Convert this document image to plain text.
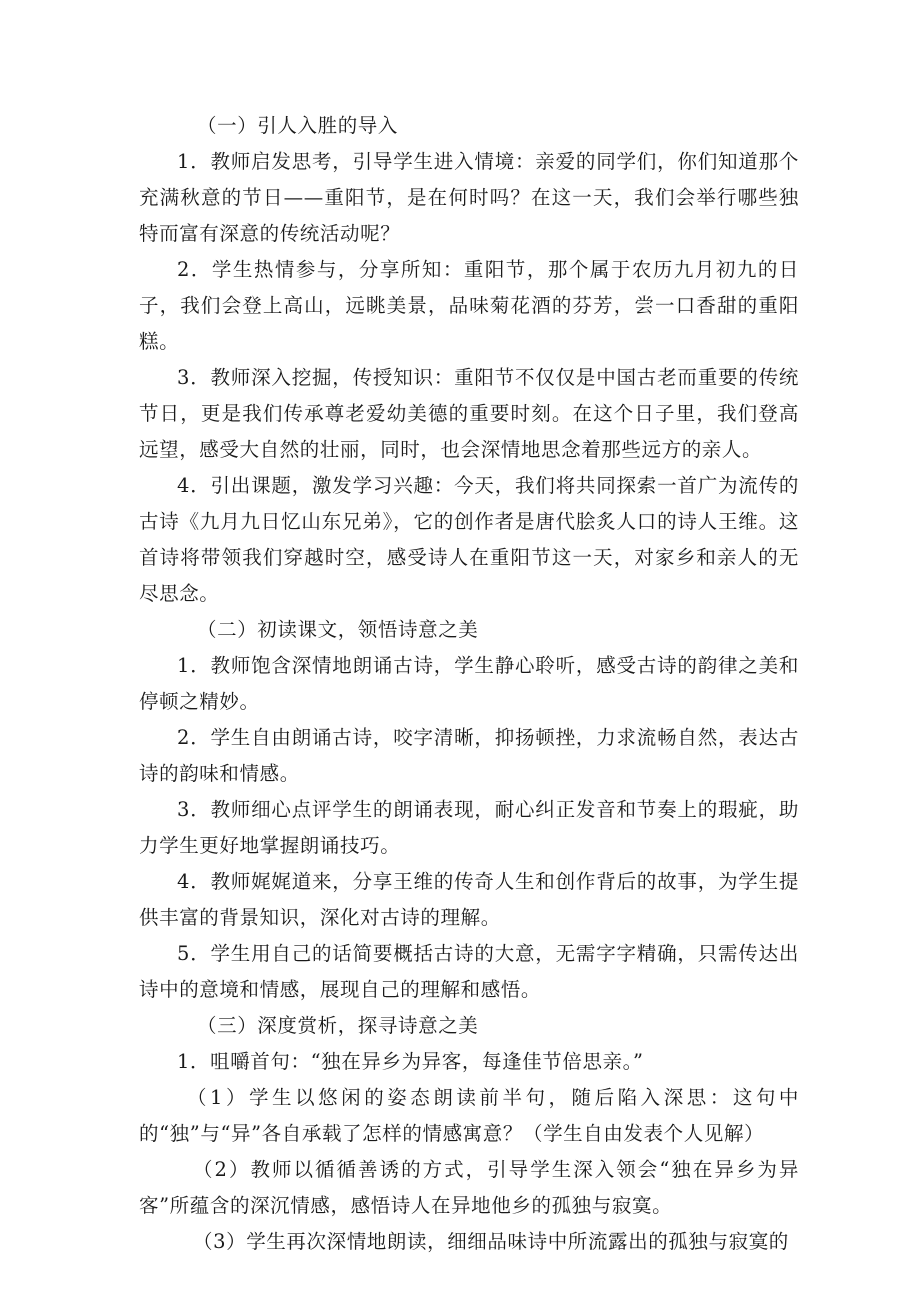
（一）引人入胜的导入

1．教师启发思考，引导学生进入情境：亲爱的同学们，你们知道那个充满秋意的节日——重阳节，是在何时吗？在这一天，我们会举行哪些独特而富有深意的传统活动呢？

2．学生热情参与，分享所知：重阳节，那个属于农历九月初九的日子，我们会登上高山，远眺美景，品味菊花酒的芬芳，尝一口香甜的重阳糕。

3．教师深入挖掘，传授知识：重阳节不仅仅是中国古老而重要的传统节日，更是我们传承尊老爱幼美德的重要时刻。在这个日子里，我们登高远望，感受大自然的壮丽，同时，也会深情地思念着那些远方的亲人。

4．引出课题，激发学习兴趣：今天，我们将共同探索一首广为流传的古诗《九月九日忆山东兄弟》，它的创作者是唐代脍炙人口的诗人王维。这首诗将带领我们穿越时空，感受诗人在重阳节这一天，对家乡和亲人的无尽思念。

（二）初读课文，领悟诗意之美

1．教师饱含深情地朗诵古诗，学生静心聆听，感受古诗的韵律之美和停顿之精妙。

2．学生自由朗诵古诗，咬字清晰，抑扬顿挫，力求流畅自然，表达古诗的韵味和情感。

3．教师细心点评学生的朗诵表现，耐心纠正发音和节奏上的瑕疵，助力学生更好地掌握朗诵技巧。

4．教师娓娓道来，分享王维的传奇人生和创作背后的故事，为学生提供丰富的背景知识，深化对古诗的理解。

5．学生用自己的话简要概括古诗的大意，无需字字精确，只需传达出诗中的意境和情感，展现自己的理解和感悟。

（三）深度赏析，探寻诗意之美

1．咀嚼首句：“独在异乡为异客，每逢佳节倍思亲。”

（1）学生以悠闲的姿态朗读前半句，随后陷入深思：这句中的“独”与“异”各自承载了怎样的情感寓意？（学生自由发表个人见解）

（2）教师以循循善诱的方式，引导学生深入领会“独在异乡为异客”所蕴含的深沉情感，感悟诗人在异地他乡的孤独与寂寞。

（3）学生再次深情地朗读，细细品味诗中所流露出的孤独与寂寞的
